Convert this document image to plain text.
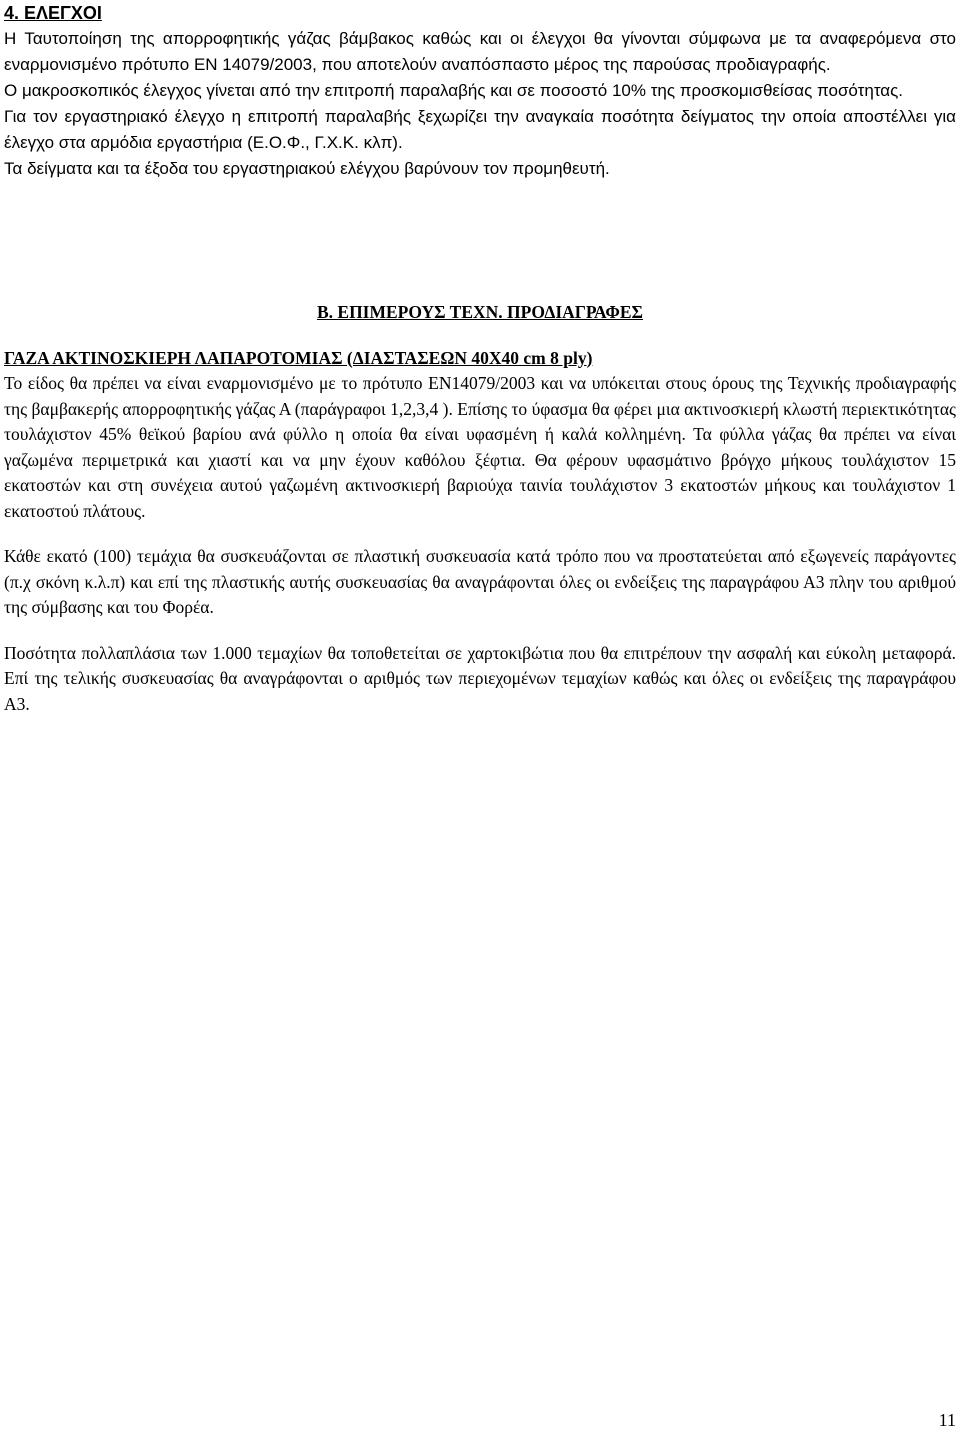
4. ΕΛΕΓΧΟΙ

Η Ταυτοποίηση της απορροφητικής γάζας βάμβακος καθώς και οι έλεγχοι θα γίνονται σύμφωνα με τα αναφερόμενα στο εναρμονισμένο πρότυπο ΕΝ 14079/2003, που αποτελούν αναπόσπαστο μέρος της παρούσας προδιαγραφής.

Ο μακροσκοπικός έλεγχος γίνεται από την επιτροπή παραλαβής και σε ποσοστό 10% της προσκομισθείσας ποσότητας.

Για τον εργαστηριακό έλεγχο η επιτροπή παραλαβής ξεχωρίζει την αναγκαία ποσότητα δείγματος την οποία αποστέλλει για έλεγχο στα αρμόδια εργαστήρια (Ε.Ο.Φ., Γ.Χ.Κ. κλπ).

Τα δείγματα και τα έξοδα του εργαστηριακού ελέγχου βαρύνουν τον προμηθευτή.

Β. ΕΠΙΜΕΡΟΥΣ ΤΕΧΝ. ΠΡΟΔΙΑΓΡΑΦΕΣ
ΓΑΖΑ ΑΚΤΙΝΟΣΚΙΕΡΗ ΛΑΠΑΡΟΤΟΜΙΑΣ (ΔΙΑΣΤΑΣΕΩΝ 40Χ40 cm 8 ply)

Το είδος θα πρέπει να είναι εναρμονισμένο με το πρότυπο ΕΝ14079/2003 και να υπόκειται στους όρους της Τεχνικής προδιαγραφής της βαμβακερής απορροφητικής γάζας Α (παράγραφοι 1,2,3,4 ). Επίσης το ύφασμα θα φέρει μια ακτινοσκιερή κλωστή περιεκτικότητας τουλάχιστον 45% θεϊκού βαρίου ανά φύλλο η οποία θα είναι υφασμένη ή καλά κολλημένη. Τα φύλλα γάζας θα πρέπει να είναι γαζωμένα περιμετρικά και χιαστί και να μην έχουν καθόλου ξέφτια. Θα φέρουν υφασμάτινο βρόγχο μήκους τουλάχιστον 15 εκατοστών και στη συνέχεια αυτού γαζωμένη ακτινοσκιερή βαριούχα ταινία τουλάχιστον 3 εκατοστών μήκους και τουλάχιστον 1 εκατοστού πλάτους.

Κάθε εκατό (100) τεμάχια θα συσκευάζονται σε πλαστική συσκευασία κατά τρόπο που να προστατεύεται από εξωγενείς παράγοντες (π.χ σκόνη κ.λ.π) και επί της πλαστικής αυτής συσκευασίας θα αναγράφονται όλες οι ενδείξεις της παραγράφου Α3 πλην του αριθμού της σύμβασης και του Φορέα.

Ποσότητα πολλαπλάσια των 1.000 τεμαχίων θα τοποθετείται σε χαρτοκιβώτια που θα επιτρέπουν την ασφαλή και εύκολη μεταφορά. Επί της τελικής συσκευασίας θα αναγράφονται ο αριθμός των περιεχομένων τεμαχίων καθώς και όλες οι ενδείξεις της παραγράφου Α3.

11
